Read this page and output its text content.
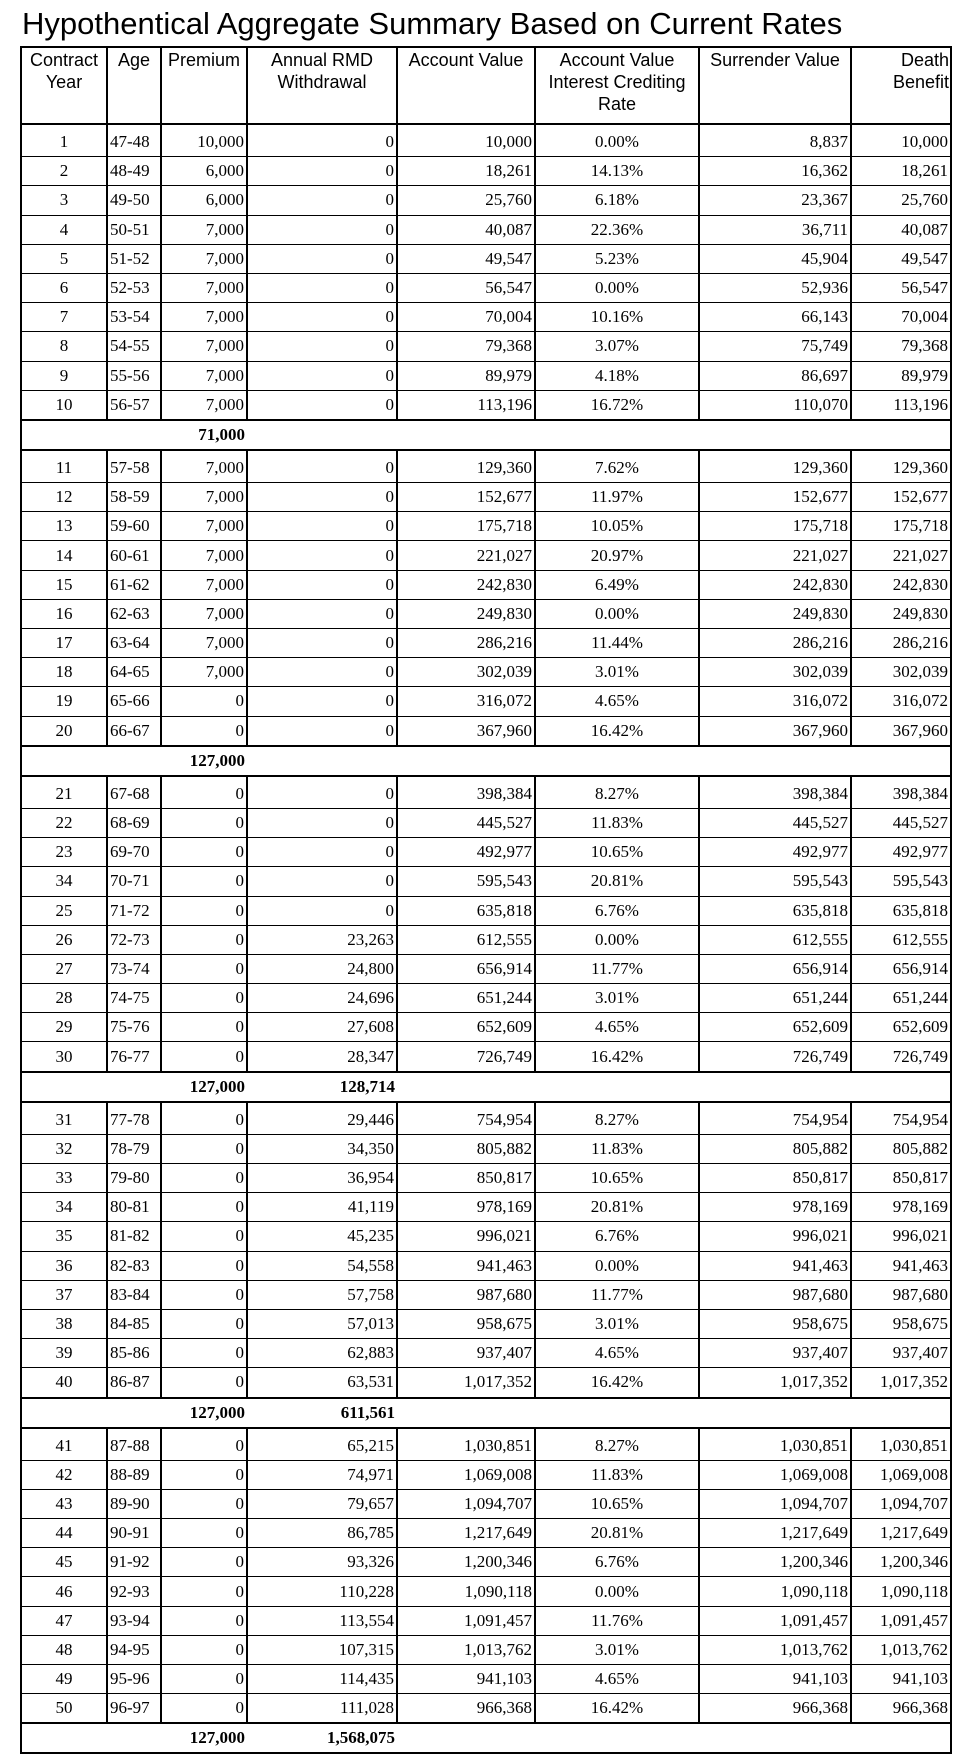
Hypothentical Aggregate Summary Based on Current Rates
Contract Year	Age	Premium	Annual RMD Withdrawal	Account Value	Account Value Interest Crediting Rate	Surrender Value	Death Benefit

1	47-48	10,000	0	10,000	0.00%	8,837	10,000
2	48-49	6,000	0	18,261	14.13%	16,362	18,261
3	49-50	6,000	0	25,760	6.18%	23,367	25,760
4	50-51	7,000	0	40,087	22.36%	36,711	40,087
5	51-52	7,000	0	49,547	5.23%	45,904	49,547
6	52-53	7,000	0	56,547	0.00%	52,936	56,547
7	53-54	7,000	0	70,004	10.16%	66,143	70,004
8	54-55	7,000	0	79,368	3.07%	75,749	79,368
9	55-56	7,000	0	89,979	4.18%	86,697	89,979
10	56-57	7,000	0	113,196	16.72%	110,070	113,196
		71,000					

11	57-58	7,000	0	129,360	7.62%	129,360	129,360
12	58-59	7,000	0	152,677	11.97%	152,677	152,677
13	59-60	7,000	0	175,718	10.05%	175,718	175,718
14	60-61	7,000	0	221,027	20.97%	221,027	221,027
15	61-62	7,000	0	242,830	6.49%	242,830	242,830
16	62-63	7,000	0	249,830	0.00%	249,830	249,830
17	63-64	7,000	0	286,216	11.44%	286,216	286,216
18	64-65	7,000	0	302,039	3.01%	302,039	302,039
19	65-66	0	0	316,072	4.65%	316,072	316,072
20	66-67	0	0	367,960	16.42%	367,960	367,960
		127,000					

21	67-68	0	0	398,384	8.27%	398,384	398,384
22	68-69	0	0	445,527	11.83%	445,527	445,527
23	69-70	0	0	492,977	10.65%	492,977	492,977
34	70-71	0	0	595,543	20.81%	595,543	595,543
25	71-72	0	0	635,818	6.76%	635,818	635,818
26	72-73	0	23,263	612,555	0.00%	612,555	612,555
27	73-74	0	24,800	656,914	11.77%	656,914	656,914
28	74-75	0	24,696	651,244	3.01%	651,244	651,244
29	75-76	0	27,608	652,609	4.65%	652,609	652,609
30	76-77	0	28,347	726,749	16.42%	726,749	726,749
		127,000	128,714				

31	77-78	0	29,446	754,954	8.27%	754,954	754,954
32	78-79	0	34,350	805,882	11.83%	805,882	805,882
33	79-80	0	36,954	850,817	10.65%	850,817	850,817
34	80-81	0	41,119	978,169	20.81%	978,169	978,169
35	81-82	0	45,235	996,021	6.76%	996,021	996,021
36	82-83	0	54,558	941,463	0.00%	941,463	941,463
37	83-84	0	57,758	987,680	11.77%	987,680	987,680
38	84-85	0	57,013	958,675	3.01%	958,675	958,675
39	85-86	0	62,883	937,407	4.65%	937,407	937,407
40	86-87	0	63,531	1,017,352	16.42%	1,017,352	1,017,352
		127,000	611,561				

41	87-88	0	65,215	1,030,851	8.27%	1,030,851	1,030,851
42	88-89	0	74,971	1,069,008	11.83%	1,069,008	1,069,008
43	89-90	0	79,657	1,094,707	10.65%	1,094,707	1,094,707
44	90-91	0	86,785	1,217,649	20.81%	1,217,649	1,217,649
45	91-92	0	93,326	1,200,346	6.76%	1,200,346	1,200,346
46	92-93	0	110,228	1,090,118	0.00%	1,090,118	1,090,118
47	93-94	0	113,554	1,091,457	11.76%	1,091,457	1,091,457
48	94-95	0	107,315	1,013,762	3.01%	1,013,762	1,013,762
49	95-96	0	114,435	941,103	4.65%	941,103	941,103
50	96-97	0	111,028	966,368	16.42%	966,368	966,368
		127,000	1,568,075				
